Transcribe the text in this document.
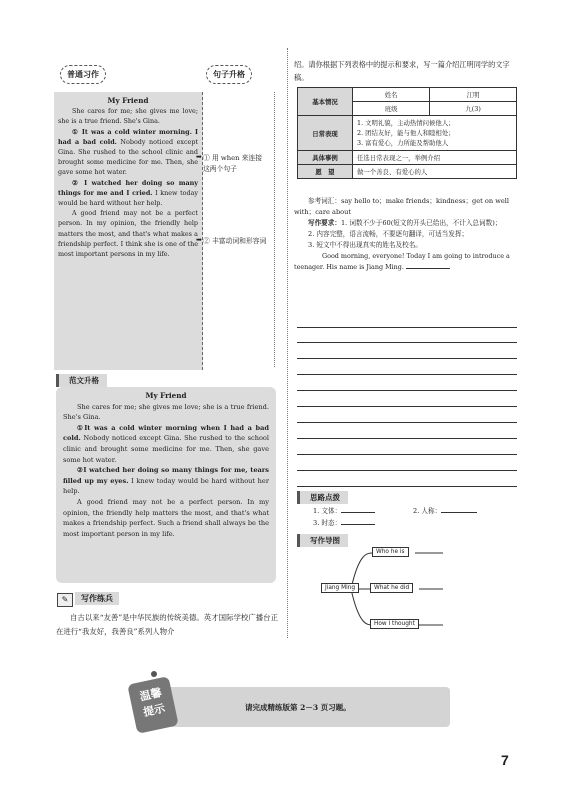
普通习作	句子升格
My Friend

She cares for me; she gives me love; she is a true friend. She's Gina.

① It was a cold winter morning. I had a bad cold. Nobody noticed except Gina. She rushed to the school clinic and brought some medicine for me. Then, she gave some hot water.

② I watched her doing so many things for me and I cried. I knew today would be hard without her help.

A good friend may not be a perfect person. In my opinion, the friendly help matters the most, and that's what makes a friendship perfect. I think she is one of the most important persons in my life.

① 用 when 来连接这两个句子
➡
② 丰富动词和形容词
➡
范文升格
My Friend

She cares for me; she gives me love; she is a true friend. She's Gina.

①It was a cold winter morning when I had a bad cold. Nobody noticed except Gina. She rushed to the school clinic and brought some medicine for me. Then, she gave some hot water.

②I watched her doing so many things for me, tears filled up my eyes. I knew today would be hard without her help.

A good friend may not be a perfect person. In my opinion, the friendly help matters the most, and that's what makes a friendship perfect. Such a friend shall always be the most important person in my life.

✎	写作练兵
自古以来“友善”是中华民族的传统美德。英才国际学校广播台正在进行“我友好，我善良”系列人物介
绍。请你根据下列表格中的提示和要求，写一篇介绍江明同学的文字稿。
基本情况	姓名	江明
	班级	九(3)
日常表现	1. 文明礼貌，主动热情问候他人；
2. 团结友好，能与他人和睦相处；
3. 富有爱心，力所能及帮助他人	

具体事例	任选日常表现之一，举例介绍	
愿　望	做一个善良、有爱心的人	

参考词汇：say hello to；make friends；kindness；get on well with；care about

写作要求：1. 词数不少于60(短文的开头已给出，不计入总词数)；

2. 内容完整，语言流畅，不要逐句翻译，可适当发挥；

3. 短文中不得出现真实的姓名及校名。

Good morning, everyone! Today I am going to introduce a teenager. His name is Jiang Ming.

思路点拨
1. 文体：	2. 人称：
3. 时态：
写作导图
Jiang Ming
Who he is
What he did
How I thought
温馨
提示	请完成精练版第 2－3 页习题。
7
